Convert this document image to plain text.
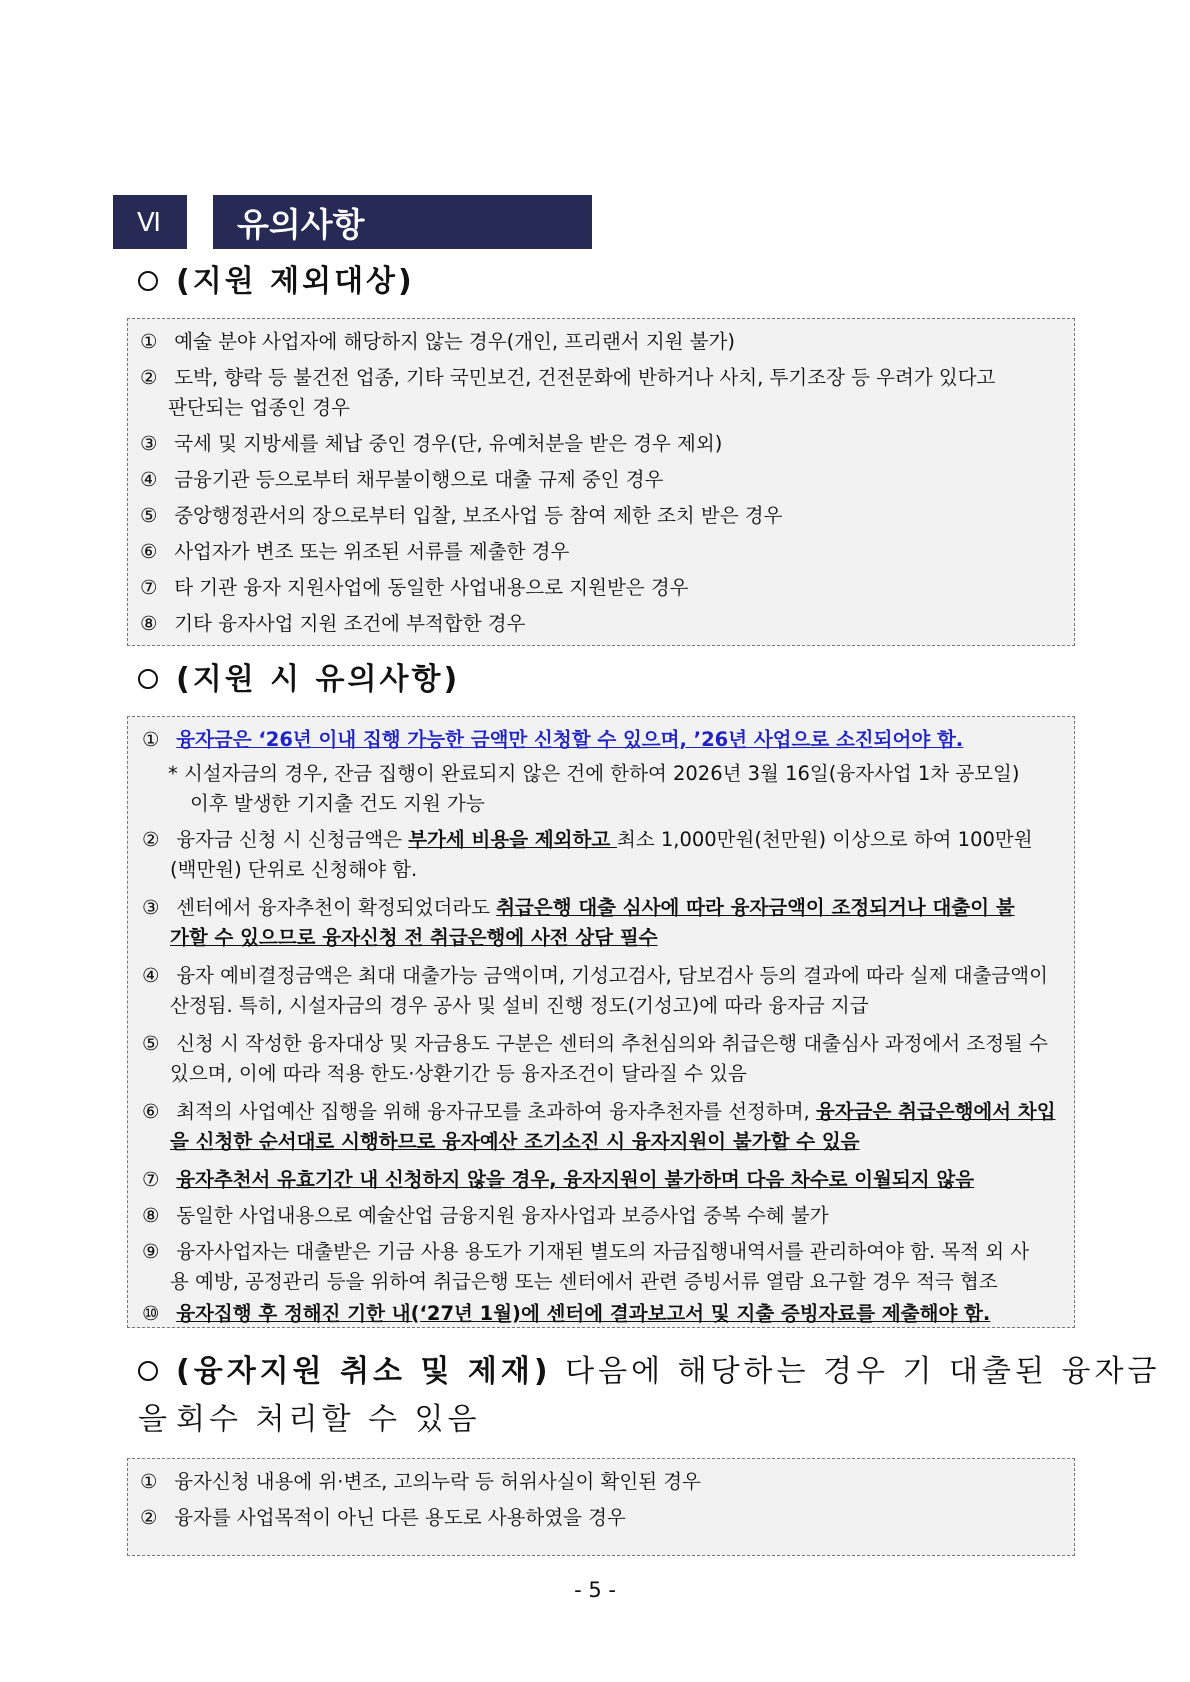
Ⅵ	유의사항
(지원 제외대상)
① 예술 분야 사업자에 해당하지 않는 경우(개인, 프리랜서 지원 불가)
② 도박, 향락 등 불건전 업종, 기타 국민보건, 건전문화에 반하거나 사치, 투기조장 등 우려가 있다고
판단되는 업종인 경우
③ 국세 및 지방세를 체납 중인 경우(단, 유예처분을 받은 경우 제외)
④ 금융기관 등으로부터 채무불이행으로 대출 규제 중인 경우
⑤ 중앙행정관서의 장으로부터 입찰, 보조사업 등 참여 제한 조치 받은 경우
⑥ 사업자가 변조 또는 위조된 서류를 제출한 경우
⑦ 타 기관 융자 지원사업에 동일한 사업내용으로 지원받은 경우
⑧ 기타 융자사업 지원 조건에 부적합한 경우
(지원 시 유의사항)
① 융자금은 ‘26년 이내 집행 가능한 금액만 신청할 수 있으며, ’26년 사업으로 소진되어야 함.
* 시설자금의 경우, 잔금 집행이 완료되지 않은 건에 한하여 2026년 3월 16일(융자사업 1차 공모일)
이후 발생한 기지출 건도 지원 가능
② 융자금 신청 시 신청금액은 부가세 비용을 제외하고 최소 1,000만원(천만원) 이상으로 하여 100만원
(백만원) 단위로 신청해야 함.
③ 센터에서 융자추천이 확정되었더라도 취급은행 대출 심사에 따라 융자금액이 조정되거나 대출이 불
가할 수 있으므로 융자신청 전 취급은행에 사전 상담 필수
④ 융자 예비결정금액은 최대 대출가능 금액이며, 기성고검사, 담보검사 등의 결과에 따라 실제 대출금액이
산정됨. 특히, 시설자금의 경우 공사 및 설비 진행 정도(기성고)에 따라 융자금 지급
⑤ 신청 시 작성한 융자대상 및 자금용도 구분은 센터의 추천심의와 취급은행 대출심사 과정에서 조정될 수
있으며, 이에 따라 적용 한도·상환기간 등 융자조건이 달라질 수 있음
⑥ 최적의 사업예산 집행을 위해 융자규모를 초과하여 융자추천자를 선정하며, 융자금은 취급은행에서 차입
을 신청한 순서대로 시행하므로 융자예산 조기소진 시 융자지원이 불가할 수 있음
⑦ 융자추천서 유효기간 내 신청하지 않을 경우, 융자지원이 불가하며 다음 차수로 이월되지 않음
⑧ 동일한 사업내용으로 예술산업 금융지원 융자사업과 보증사업 중복 수혜 불가
⑨ 융자사업자는 대출받은 기금 사용 용도가 기재된 별도의 자금집행내역서를 관리하여야 함. 목적 외 사
용 예방, 공정관리 등을 위하여 취급은행 또는 센터에서 관련 증빙서류 열람 요구할 경우 적극 협조
⑩ 융자집행 후 정해진 기한 내(‘27년 1월)에 센터에 결과보고서 및 지출 증빙자료를 제출해야 함.
(융자지원 취소 및 제재) 다음에 해당하는 경우 기 대출된 융자금을 회수 처리할 수 있음
① 융자신청 내용에 위·변조, 고의누락 등 허위사실이 확인된 경우
② 융자를 사업목적이 아닌 다른 용도로 사용하였을 경우
- 5 -
